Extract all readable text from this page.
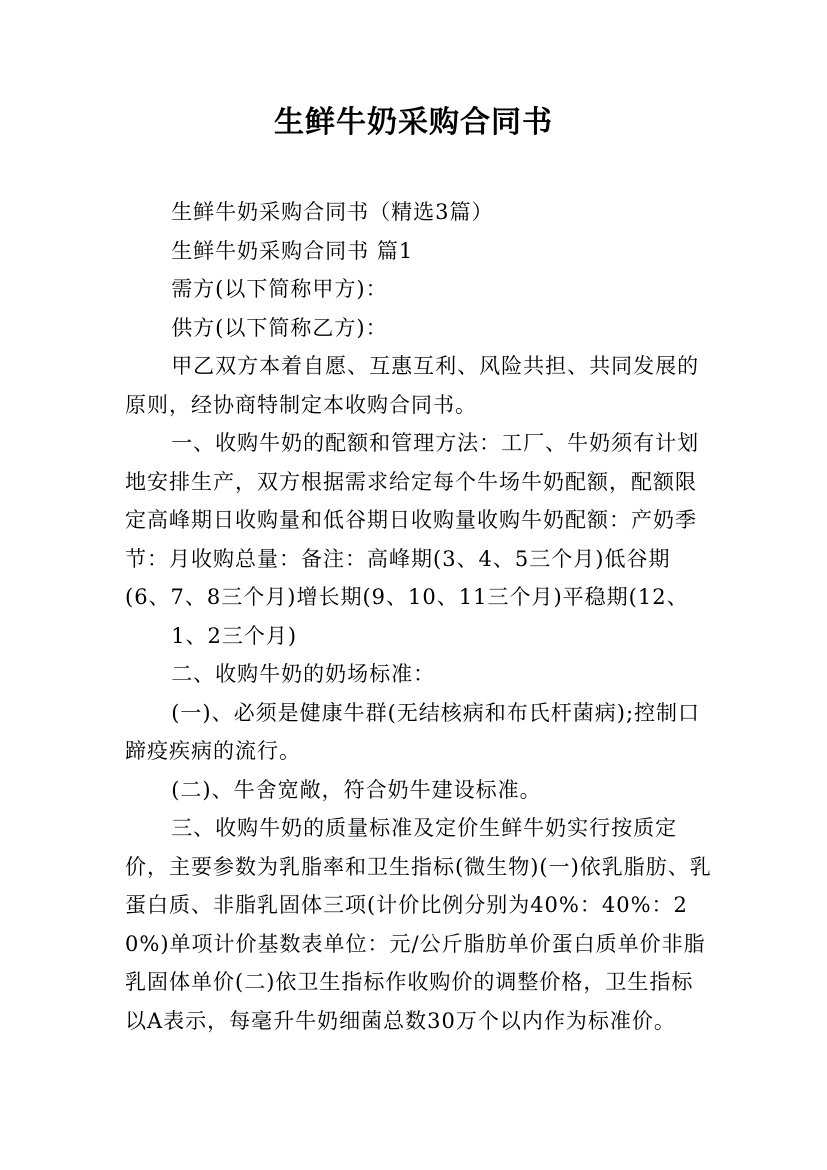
生鲜牛奶采购合同书

生鲜牛奶采购合同书（精选3篇）

生鲜牛奶采购合同书 篇1

需方(以下简称甲方)：

供方(以下简称乙方)：

甲乙双方本着自愿、互惠互利、风险共担、共同发展的原则，经协商特制定本收购合同书。

一、收购牛奶的配额和管理方法：工厂、牛奶须有计划地安排生产，双方根据需求给定每个牛场牛奶配额，配额限定高峰期日收购量和低谷期日收购量收购牛奶配额：产奶季节：月收购总量：备注：高峰期(3、4、5三个月)低谷期(6、7、8三个月)增长期(9、10、11三个月)平稳期(12、

1、2三个月)

二、收购牛奶的奶场标准：

(一)、必须是健康牛群(无结核病和布氏杆菌病);控制口蹄疫疾病的流行。

(二)、牛舍宽敞，符合奶牛建设标准。

三、收购牛奶的质量标准及定价生鲜牛奶实行按质定价，主要参数为乳脂率和卫生指标(微生物)(一)依乳脂肪、乳蛋白质、非脂乳固体三项(计价比例分别为40%：40%：20%)单项计价基数表单位：元/公斤脂肪单价蛋白质单价非脂乳固体单价(二)依卫生指标作收购价的调整价格，卫生指标以A表示，每毫升牛奶细菌总数30万个以内作为标准价。
